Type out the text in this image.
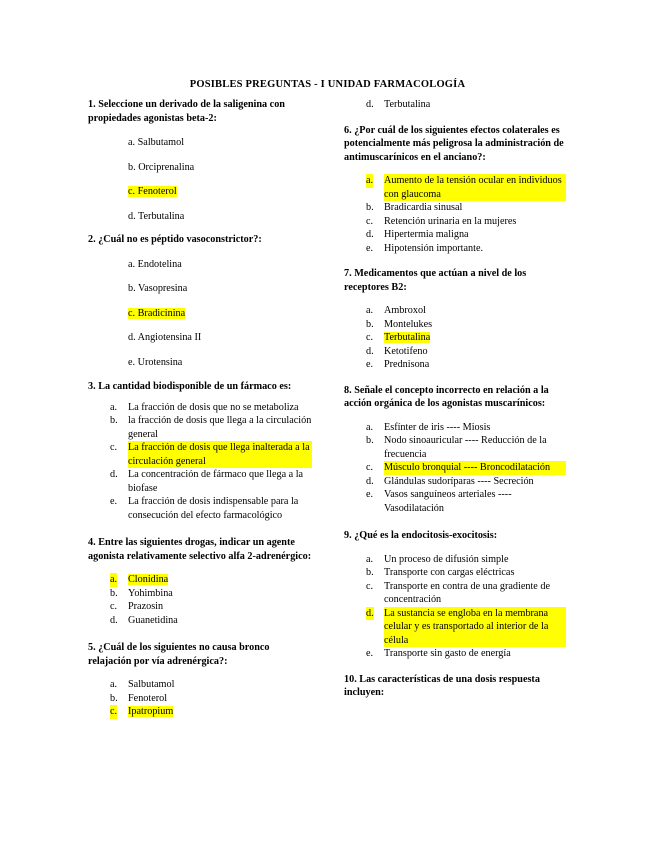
POSIBLES PREGUNTAS - I UNIDAD FARMACOLOGÍA

1. Seleccione un derivado de la saligenina con propiedades agonistas beta-2:

a. Salbutamol
b. Orciprenalina
c. Fenoterol
d. Terbutalina

2. ¿Cuál no es péptido vasoconstrictor?:

a. Endotelina
b. Vasopresina
c. Bradicinina
d. Angiotensina II
e. Urotensina

3. La cantidad biodisponible de un fármaco es:

a. La fracción de dosis que no se metaboliza
b. la fracción de dosis que llega a la circulación general
c. La fracción de dosis que llega inalterada a la circulación general
d. La concentración de fármaco que llega a la biofase
e. La fracción de dosis indispensable para la consecución del efecto farmacológico

4. Entre las siguientes drogas, indicar un agente agonista relativamente selectivo alfa 2-adrenérgico:

a. Clonidina
b. Yohimbina
c. Prazosin
d. Guanetidina

5. ¿Cuál de los siguientes no causa bronco relajación por vía adrenérgica?:

a. Salbutamol
b. Fenoterol
c. Ipatropium
d. Terbutalina

6. ¿Por cuál de los siguientes efectos colaterales es potencialmente más peligrosa la administración de antimuscarínicos en el anciano?:

a. Aumento de la tensión ocular en individuos con glaucoma
b. Bradicardia sinusal
c. Retención urinaria en la mujeres
d. Hipertermia maligna
e. Hipotensión importante.

7. Medicamentos que actúan a nivel de los receptores B2:

a. Ambroxol
b. Montelukes
c. Terbutalina
d. Ketotifeno
e. Prednisona

8. Señale el concepto incorrecto en relación a la acción orgánica de los agonistas muscarínicos:

a. Esfínter de iris ---- Miosis
b. Nodo sinoauricular ---- Reducción de la frecuencia
c. Músculo bronquial ---- Broncodilatación
d. Glándulas sudoríparas ---- Secreción
e. Vasos sanguíneos arteriales ---- Vasodilatación

9. ¿Qué es la endocitosis-exocitosis:

a. Un proceso de difusión simple
b. Transporte con cargas eléctricas
c. Transporte en contra de una gradiente de concentración
d. La sustancia se engloba en la membrana celular y es transportado al interior de la célula
e. Transporte sin gasto de energía

10. Las características de una dosis respuesta incluyen:
